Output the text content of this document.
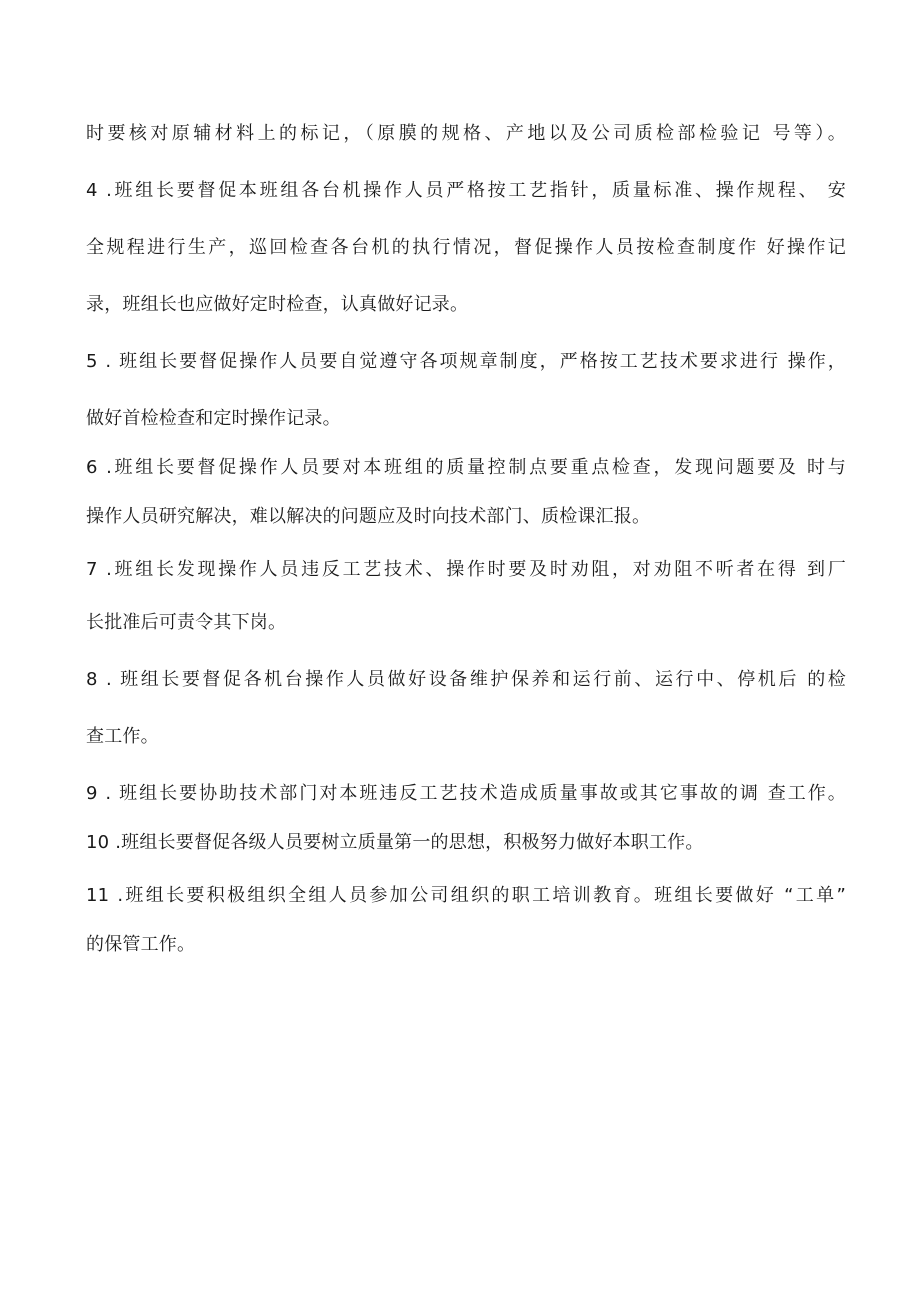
时要核对原辅材料上的标记，（原膜的规格、产地以及公司质检部检验记 号等）。
4 .班组长要督促本班组各台机操作人员严格按工艺指针，质量标准、操作规程、 安
全规程进行生产，巡回检查各台机的执行情况，督促操作人员按检查制度作 好操作记
录，班组长也应做好定时检查，认真做好记录。
5 . 班组长要督促操作人员要自觉遵守各项规章制度，严格按工艺技术要求进行 操作，
做好首检检查和定时操作记录。
6 .班组长要督促操作人员要对本班组的质量控制点要重点检查，发现问题要及 时与
操作人员研究解决，难以解决的问题应及时向技术部门、质检课汇报。
7 .班组长发现操作人员违反工艺技术、操作时要及时劝阻，对劝阻不听者在得 到厂
长批准后可责令其下岗。
8 . 班组长要督促各机台操作人员做好设备维护保养和运行前、运行中、停机后 的检
查工作。
9 . 班组长要协助技术部门对本班违反工艺技术造成质量事故或其它事故的调 查工作。
10 .班组长要督促各级人员要树立质量第一的思想，积极努力做好本职工作。
11 .班组长要积极组织全组人员参加公司组织的职工培训教育。班组长要做好 “工单”
的保管工作。
